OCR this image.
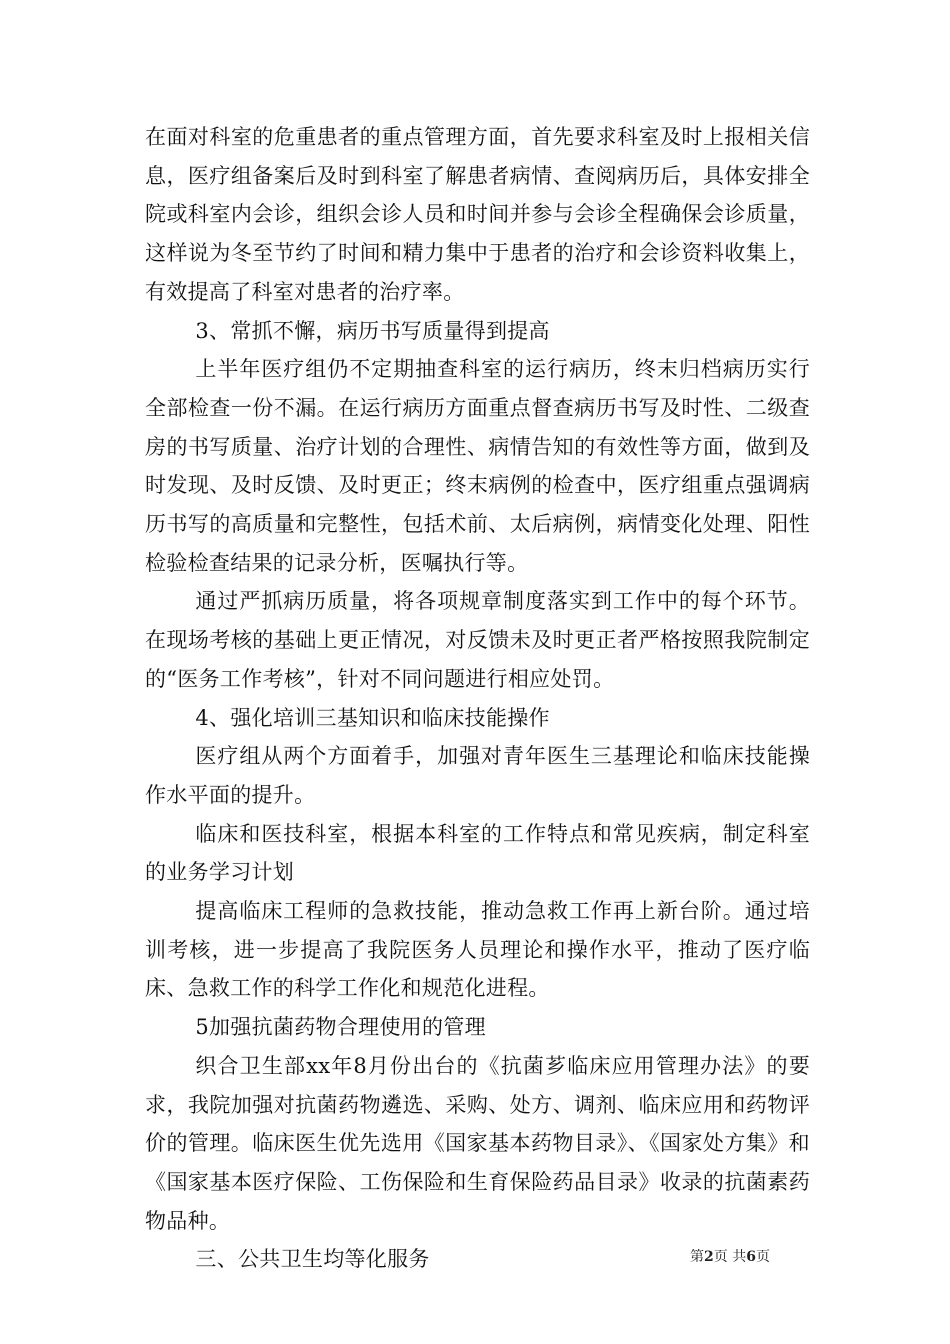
在面对科室的危重患者的重点管理方面，首先要求科室及时上报相关信息，医疗组备案后及时到科室了解患者病情、查阅病历后，具体安排全院或科室内会诊，组织会诊人员和时间并参与会诊全程确保会诊质量，这样说为冬至节约了时间和精力集中于患者的治疗和会诊资料收集上，有效提高了科室对患者的治疗率。

3、常抓不懈，病历书写质量得到提高

上半年医疗组仍不定期抽查科室的运行病历，终末归档病历实行全部检查一份不漏。在运行病历方面重点督查病历书写及时性、二级查房的书写质量、治疗计划的合理性、病情告知的有效性等方面，做到及时发现、及时反馈、及时更正；终末病例的检查中，医疗组重点强调病历书写的高质量和完整性，包括术前、太后病例，病情变化处理、阳性检验检查结果的记录分析，医嘱执行等。

通过严抓病历质量，将各项规章制度落实到工作中的每个环节。在现场考核的基础上更正情况，对反馈未及时更正者严格按照我院制定的“医务工作考核”，针对不同问题进行相应处罚。

4、强化培训三基知识和临床技能操作

医疗组从两个方面着手，加强对青年医生三基理论和临床技能操作水平面的提升。

临床和医技科室，根据本科室的工作特点和常见疾病，制定科室的业务学习计划

提高临床工程师的急救技能，推动急救工作再上新台阶。通过培训考核，进一步提高了我院医务人员理论和操作水平，推动了医疗临床、急救工作的科学工作化和规范化进程。

5加强抗菌药物合理使用的管理

织合卫生部xx年8月份出台的《抗菌芗临床应用管理办法》的要求，我院加强对抗菌药物遴选、采购、处方、调剂、临床应用和药物评价的管理。临床医生优先选用《国家基本药物目录》、《国家处方集》和《国家基本医疗保险、工伤保险和生育保险药品目录》收录的抗菌素药物品种。

三、公共卫生均等化服务	第2页 共6页
